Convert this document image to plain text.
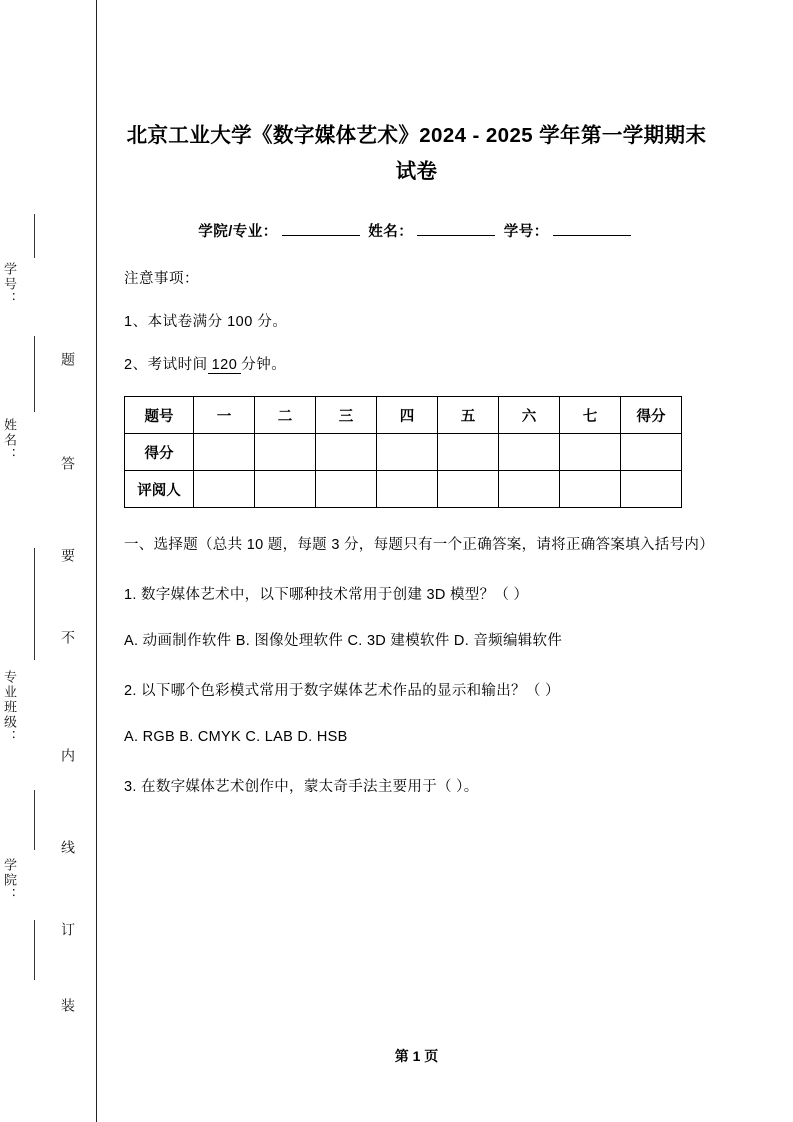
学号：
姓名：
专业班级：
学院：
题
答
要
不
内
线
订
装
北京工业大学《数字媒体艺术》2024 - 2025 学年第一学期期末试卷
学院/专业：	姓名：	学号：
注意事项：
1、本试卷满分 100 分。
2、考试时间 120 分钟。
题号	一	二	三	四	五	六	七	得分
得分								
评阅人								
一、选择题（总共 10 题，每题 3 分，每题只有一个正确答案，请将正确答案填入括号内）
1. 数字媒体艺术中，以下哪种技术常用于创建 3D 模型？（ ）
A. 动画制作软件 B. 图像处理软件 C. 3D 建模软件 D. 音频编辑软件
2. 以下哪个色彩模式常用于数字媒体艺术作品的显示和输出？（ ）
A. RGB B. CMYK C. LAB D. HSB
3. 在数字媒体艺术创作中，蒙太奇手法主要用于（ ）。
第 1 页
